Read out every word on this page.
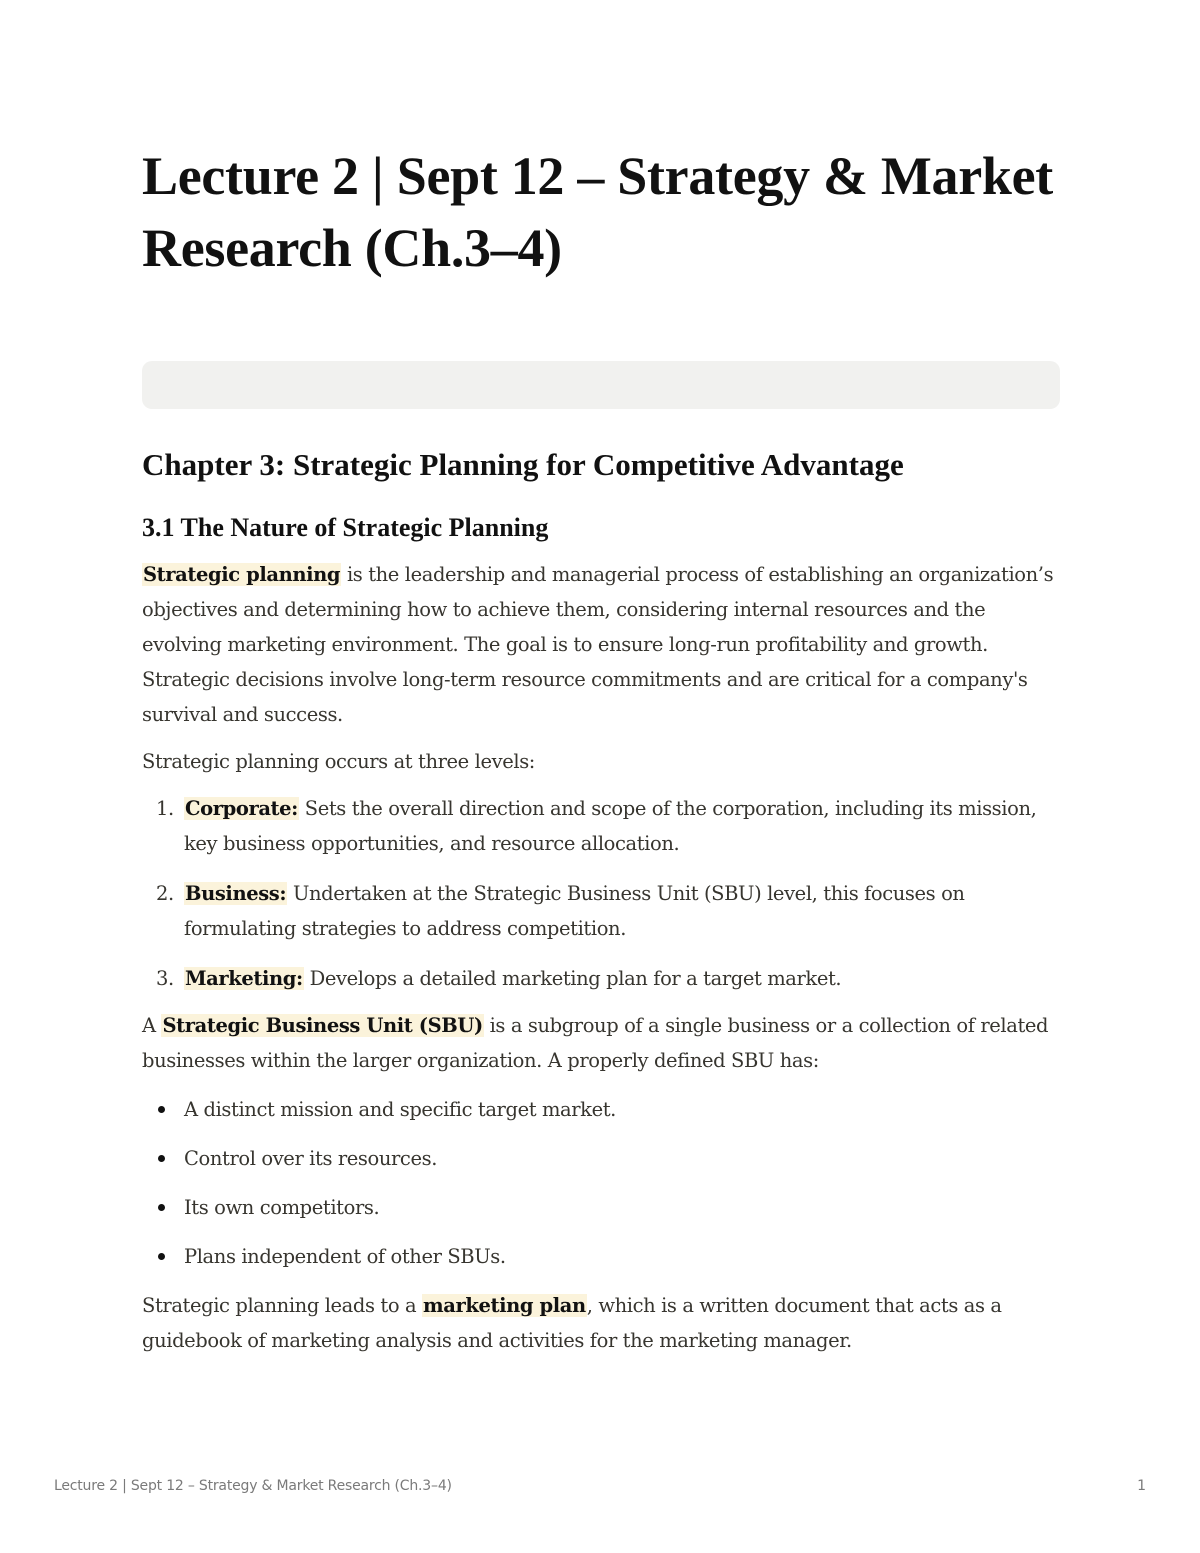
Lecture 2 | Sept 12 – Strategy & Market Research (Ch.3–4)
Chapter 3: Strategic Planning for Competitive Advantage
3.1 The Nature of Strategic Planning

Strategic planning is the leadership and managerial process of establishing an organization’s objectives and determining how to achieve them, considering internal resources and the evolving marketing environment. The goal is to ensure long-run profitability and growth. Strategic decisions involve long-term resource commitments and are critical for a company's survival and success.

Strategic planning occurs at three levels:

1. Corporate: Sets the overall direction and scope of the corporation, including its mission, key business opportunities, and resource allocation.
2. Business: Undertaken at the Strategic Business Unit (SBU) level, this focuses on formulating strategies to address competition.
3. Marketing: Develops a detailed marketing plan for a target market.

A Strategic Business Unit (SBU) is a subgroup of a single business or a collection of related businesses within the larger organization. A properly defined SBU has:

A distinct mission and specific target market.
Control over its resources.
Its own competitors.
Plans independent of other SBUs.

Strategic planning leads to a marketing plan, which is a written document that acts as a guidebook of marketing analysis and activities for the marketing manager.

Lecture 2 | Sept 12 – Strategy & Market Research (Ch.3–4)	1
